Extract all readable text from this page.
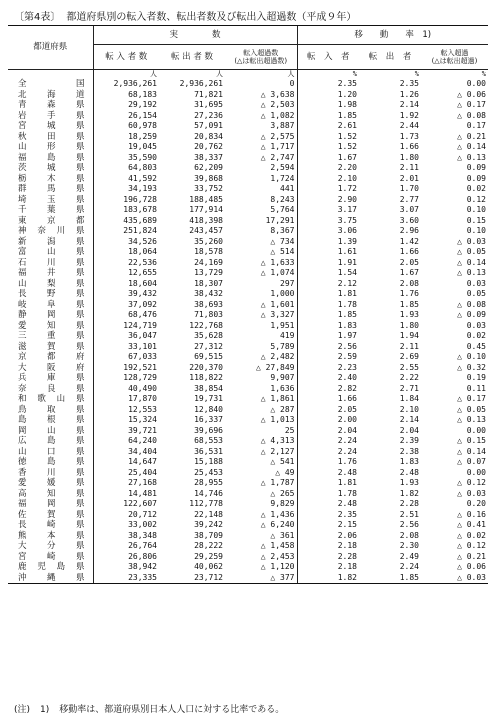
〔第4表〕 都道府県別の転入者数、転出者数及び転出入超過数（平成９年）
都道府県	実　　　　数			移　　動　　率　1)		
	転 入 者 数	転 出 者 数	転入超過数
(△は転出超過数)	転　入　者	転　出　者	転入超過
(△は転出超過)

	人	人	人	%	%	%
全　国	2,936,261	2,936,261	0	2.35	2.35	0.00
北海道	68,183	71,821	△ 3,638	1.20	1.26	△ 0.06
青森県	29,192	31,695	△ 2,503	1.98	2.14	△ 0.17
岩手県	26,154	27,236	△ 1,082	1.85	1.92	△ 0.08
宮城県	60,978	57,091	3,887	2.61	2.44	0.17
秋田県	18,259	20,834	△ 2,575	1.52	1.73	△ 0.21
山形県	19,045	20,762	△ 1,717	1.52	1.66	△ 0.14
福島県	35,590	38,337	△ 2,747	1.67	1.80	△ 0.13
茨城県	64,803	62,209	2,594	2.20	2.11	0.09
栃木県	41,592	39,868	1,724	2.10	2.01	0.09
群馬県	34,193	33,752	441	1.72	1.70	0.02
埼玉県	196,728	188,485	8,243	2.90	2.77	0.12
千葉県	183,678	177,914	5,764	3.17	3.07	0.10
東京都	435,689	418,398	17,291	3.75	3.60	0.15
神奈川県	251,824	243,457	8,367	3.06	2.96	0.10
新潟県	34,526	35,260	△ 734	1.39	1.42	△ 0.03
富山県	18,064	18,578	△ 514	1.61	1.66	△ 0.05
石川県	22,536	24,169	△ 1,633	1.91	2.05	△ 0.14
福井県	12,655	13,729	△ 1,074	1.54	1.67	△ 0.13
山梨県	18,604	18,307	297	2.12	2.08	0.03
長野県	39,432	38,432	1,000	1.81	1.76	0.05
岐阜県	37,092	38,693	△ 1,601	1.78	1.85	△ 0.08
静岡県	68,476	71,803	△ 3,327	1.85	1.93	△ 0.09
愛知県	124,719	122,768	1,951	1.83	1.80	0.03
三重県	36,047	35,628	419	1.97	1.94	0.02
滋賀県	33,101	27,312	5,789	2.56	2.11	0.45
京都府	67,033	69,515	△ 2,482	2.59	2.69	△ 0.10
大阪府	192,521	220,370	△ 27,849	2.23	2.55	△ 0.32
兵庫県	128,729	118,822	9,907	2.40	2.22	0.19
奈良県	40,490	38,854	1,636	2.82	2.71	0.11
和歌山県	17,870	19,731	△ 1,861	1.66	1.84	△ 0.17
鳥取県	12,553	12,840	△ 287	2.05	2.10	△ 0.05
島根県	15,324	16,337	△ 1,013	2.00	2.14	△ 0.13
岡山県	39,721	39,696	25	2.04	2.04	0.00
広島県	64,240	68,553	△ 4,313	2.24	2.39	△ 0.15
山口県	34,404	36,531	△ 2,127	2.24	2.38	△ 0.14
徳島県	14,647	15,188	△ 541	1.76	1.83	△ 0.07
香川県	25,404	25,453	△ 49	2.48	2.48	0.00
愛媛県	27,168	28,955	△ 1,787	1.81	1.93	△ 0.12
高知県	14,481	14,746	△ 265	1.78	1.82	△ 0.03
福岡県	122,607	112,778	9,829	2.48	2.28	0.20
佐賀県	20,712	22,148	△ 1,436	2.35	2.51	△ 0.16
長崎県	33,002	39,242	△ 6,240	2.15	2.56	△ 0.41
熊本県	38,348	38,709	△ 361	2.06	2.08	△ 0.02
大分県	26,764	28,222	△ 1,458	2.18	2.30	△ 0.12
宮崎県	26,806	29,259	△ 2,453	2.28	2.49	△ 0.21
鹿児島県	38,942	40,062	△ 1,120	2.18	2.24	△ 0.06
沖縄県	23,335	23,712	△ 377	1.82	1.85	△ 0.03
(注) 1) 移動率は、都道府県別日本人人口に対する比率である。
